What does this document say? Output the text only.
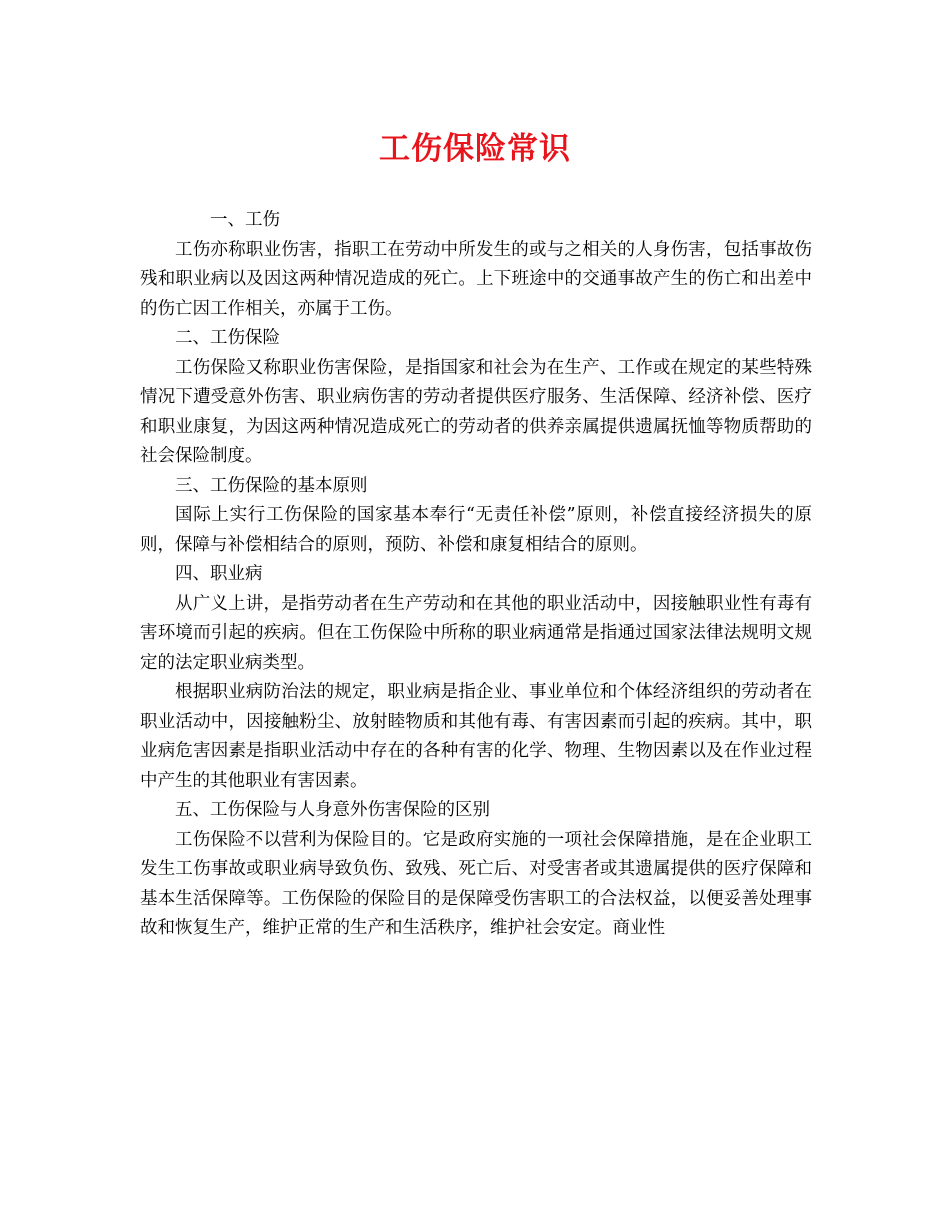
工伤保险常识

一、工伤

工伤亦称职业伤害，指职工在劳动中所发生的或与之相关的人身伤害，包括事故伤残和职业病以及因这两种情况造成的死亡。上下班途中的交通事故产生的伤亡和出差中的伤亡因工作相关，亦属于工伤。

二、工伤保险

工伤保险又称职业伤害保险，是指国家和社会为在生产、工作或在规定的某些特殊情况下遭受意外伤害、职业病伤害的劳动者提供医疗服务、生活保障、经济补偿、医疗和职业康复，为因这两种情况造成死亡的劳动者的供养亲属提供遗属抚恤等物质帮助的社会保险制度。

三、工伤保险的基本原则

国际上实行工伤保险的国家基本奉行“无责任补偿”原则，补偿直接经济损失的原则，保障与补偿相结合的原则，预防、补偿和康复相结合的原则。

四、职业病

从广义上讲，是指劳动者在生产劳动和在其他的职业活动中，因接触职业性有毒有害环境而引起的疾病。但在工伤保险中所称的职业病通常是指通过国家法律法规明文规定的法定职业病类型。

根据职业病防治法的规定，职业病是指企业、事业单位和个体经济组织的劳动者在职业活动中，因接触粉尘、放射睦物质和其他有毒、有害因素而引起的疾病。其中，职业病危害因素是指职业活动中存在的各种有害的化学、物理、生物因素以及在作业过程中产生的其他职业有害因素。

五、工伤保险与人身意外伤害保险的区别

工伤保险不以营利为保险目的。它是政府实施的一项社会保障措施，是在企业职工发生工伤事故或职业病导致负伤、致残、死亡后、对受害者或其遗属提供的医疗保障和基本生活保障等。工伤保险的保险目的是保障受伤害职工的合法权益，以便妥善处理事故和恢复生产，维护正常的生产和生活秩序，维护社会安定。商业性
